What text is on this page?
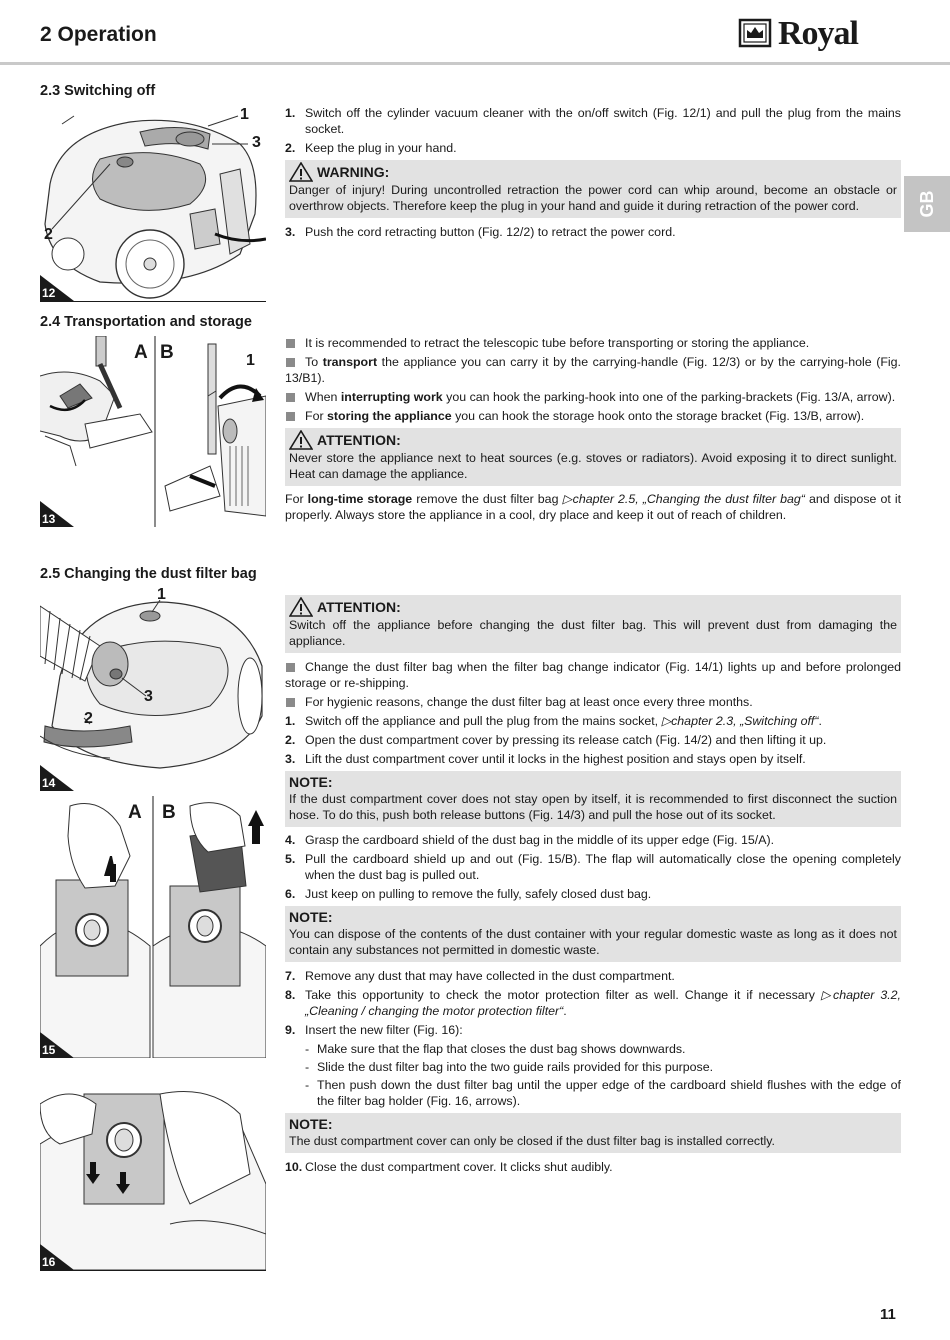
2 Operation	Royal
GB
2.3 Switching off
1
3
2
12
1. Switch off the cylinder vacuum cleaner with the on/off switch (Fig. 12/1) and pull the plug from the mains socket.
2. Keep the plug in your hand.
WARNING:
Danger of injury! During uncontrolled retraction the power cord can whip around, become an obstacle or overthrow objects. Therefore keep the plug in your hand and guide it during retraction of the power cord.
3. Push the cord retracting button (Fig. 12/2) to retract the power cord.
2.4 Transportation and storage
A B	1
13
It is recommended to retract the telescopic tube before transporting or storing the appliance.
To transport the appliance you can carry it by the carrying-handle (Fig. 12/3) or by the carrying-hole (Fig. 13/B1).
When interrupting work you can hook the parking-hook into one of the parking-brackets (Fig. 13/A, arrow).
For storing the appliance you can hook the storage hook onto the storage bracket (Fig. 13/B, arrow).
ATTENTION:
Never store the appliance next to heat sources (e.g. stoves or radiators). Avoid exposing it to direct sunlight. Heat can damage the appliance.
For long-time storage remove the dust filter bag ▷chapter 2.5, „Changing the dust filter bag“ and dispose ot it properly. Always store the appliance in a cool, dry place and keep it out of reach of children.
2.5 Changing the dust filter bag
1
3
2
14
A B
15
16
ATTENTION:
Switch off the appliance before changing the dust filter bag. This will prevent dust from damaging the appliance.
Change the dust filter bag when the filter bag change indicator (Fig. 14/1) lights up and before prolonged storage or re-shipping.
For hygienic reasons, change the dust filter bag at least once every three months.
1. Switch off the appliance and pull the plug from the mains socket, ▷chapter 2.3, „Switching off“.
2. Open the dust compartment cover by pressing its release catch (Fig. 14/2) and then lifting it up.
3. Lift the dust compartment cover until it locks in the highest position and stays open by itself.
NOTE:
If the dust compartment cover does not stay open by itself, it is recommended to first disconnect the suction hose. To do this, push both release buttons (Fig. 14/3) and pull the hose out of its socket.
4. Grasp the cardboard shield of the dust bag in the middle of its upper edge (Fig. 15/A).
5. Pull the cardboard shield up and out (Fig. 15/B). The flap will automatically close the opening completely when the dust bag is pulled out.
6. Just keep on pulling to remove the fully, safely closed dust bag.
NOTE:
You can dispose of the contents of the dust container with your regular domestic waste as long as it does not contain any substances not permitted in domestic waste.
7. Remove any dust that may have collected in the dust compartment.
8. Take this opportunity to check the motor protection filter as well. Change it if necessary ▷chapter 3.2, „Cleaning / changing the motor protection filter“.
9. Insert the new filter (Fig. 16):
- Make sure that the flap that closes the dust bag shows downwards.
- Slide the dust filter bag into the two guide rails provided for this purpose.
- Then push down the dust filter bag until the upper edge of the cardboard shield flushes with the edge of the filter bag holder (Fig. 16, arrows).
NOTE:
The dust compartment cover can only be closed if the dust filter bag is installed correctly.
10. Close the dust compartment cover. It clicks shut audibly.
11
